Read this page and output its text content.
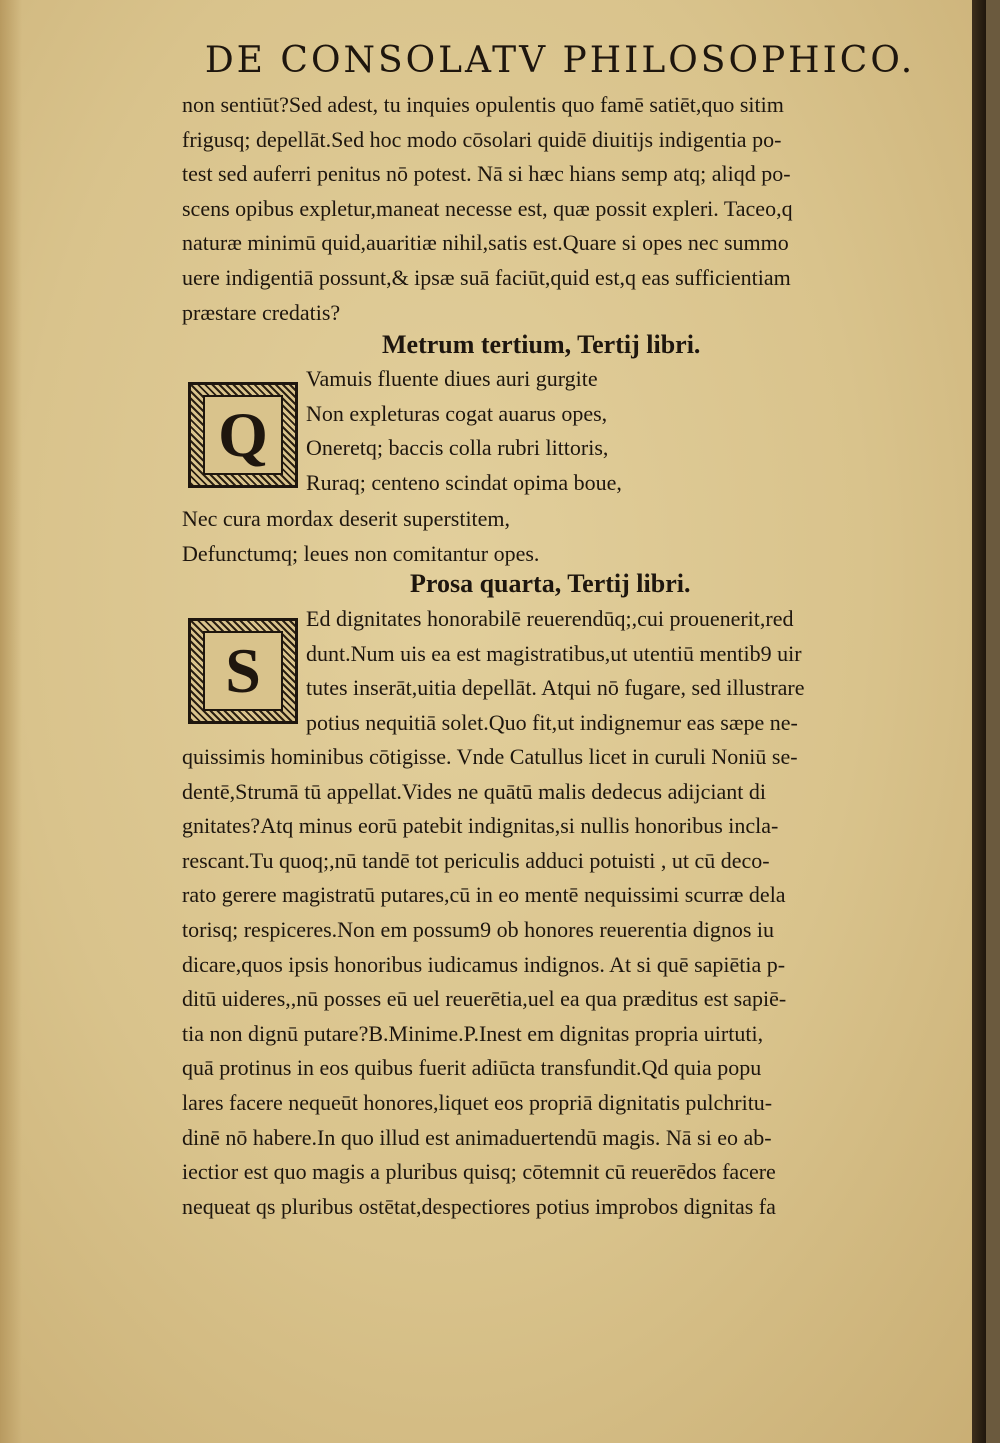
DE CONSOLATV PHILOSOPHICO.
non sentiūt?Sed adest, tu inquies opulentis quo famē satiēt,quo sitim
frigusq; depellāt.Sed hoc modo cōsolari quidē diuitijs indigentia po-
test sed auferri penitus nō potest. Nā si hæc hians semp atq; aliqd po-
scens opibus expletur,maneat necesse est, quæ possit expleri. Taceo,q
naturæ minimū quid,auaritiæ nihil,satis est.Quare si opes nec summo
uere indigentiā possunt,& ipsæ suā faciūt,quid est,q eas sufficientiam
præstare credatis?
Metrum tertium, Tertij libri.
Q
Vamuis fluente diues auri gurgite
Non expleturas cogat auarus opes,
Oneretq; baccis colla rubri littoris,
Ruraq; centeno scindat opima boue,
Nec cura mordax deserit superstitem,
Defunctumq; leues non comitantur opes.
Prosa quarta, Tertij libri.
S
Ed dignitates honorabilē reuerendūq;,cui prouenerit,red
dunt.Num uis ea est magistratibus,ut utentiū mentib9 uir
tutes inserāt,uitia depellāt. Atqui nō fugare, sed illustrare
potius nequitiā solet.Quo fit,ut indignemur eas sæpe ne-
quissimis hominibus cōtigisse. Vnde Catullus licet in curuli Noniū se-
dentē,Strumā tū appellat.Vides ne quātū malis dedecus adijciant di
gnitates?Atq minus eorū patebit indignitas,si nullis honoribus incla-
rescant.Tu quoq;,nū tandē tot periculis adduci potuisti , ut cū deco-
rato gerere magistratū putares,cū in eo mentē nequissimi scurræ dela
torisq; respiceres.Non em possum9 ob honores reuerentia dignos iu
dicare,quos ipsis honoribus iudicamus indignos. At si quē sapiētia p-
ditū uideres,,nū posses eū uel reuerētia,uel ea qua præditus est sapiē-
tia non dignū putare?B.Minime.P.Inest em dignitas propria uirtuti,
quā protinus in eos quibus fuerit adiūcta transfundit.Qd quia popu
lares facere nequeūt honores,liquet eos propriā dignitatis pulchritu-
dinē nō habere.In quo illud est animaduertendū magis. Nā si eo ab-
iectior est quo magis a pluribus quisq; cōtemnit cū reuerēdos facere
nequeat qs pluribus ostētat,despectiores potius improbos dignitas fa
